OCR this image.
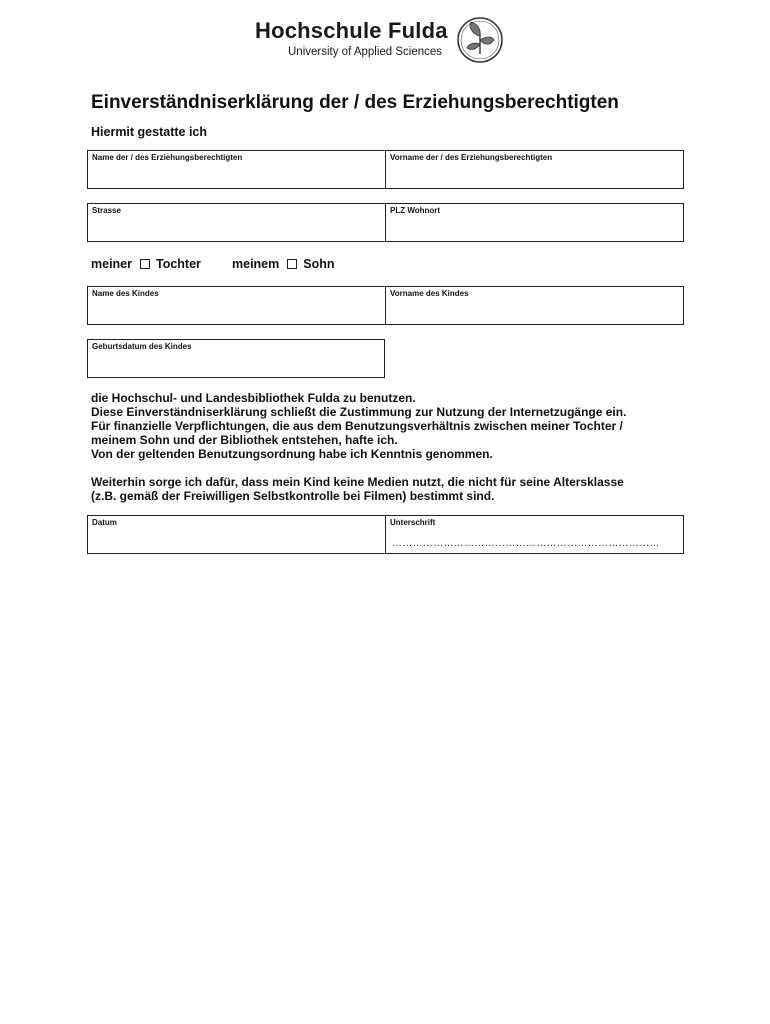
Hochschule Fulda
University of Applied Sciences
Einverständniserklärung der / des Erziehungsberechtigten
Hiermit gestatte ich
Name der / des Erziehungsberechtigten	Vorname der / des Erziehungsberechtigten
Strasse	PLZ Wohnort
meiner Tochter meinem Sohn
Name des Kindes	Vorname des Kindes
Geburtsdatum des Kindes
die Hochschul- und Landesbibliothek Fulda zu benutzen.
Diese Einverständniserklärung schließt die Zustimmung zur Nutzung der Internetzugänge ein.
Für finanzielle Verpflichtungen, die aus dem Benutzungsverhältnis zwischen meiner Tochter /
meinem Sohn und der Bibliothek entstehen, hafte ich.
Von der geltenden Benutzungsordnung habe ich Kenntnis genommen.
Weiterhin sorge ich dafür, dass mein Kind keine Medien nutzt, die nicht für seine Altersklasse
(z.B. gemäß der Freiwilligen Selbstkontrolle bei Filmen) bestimmt sind.
Datum	Unterschrift
……………………………………………………………………
